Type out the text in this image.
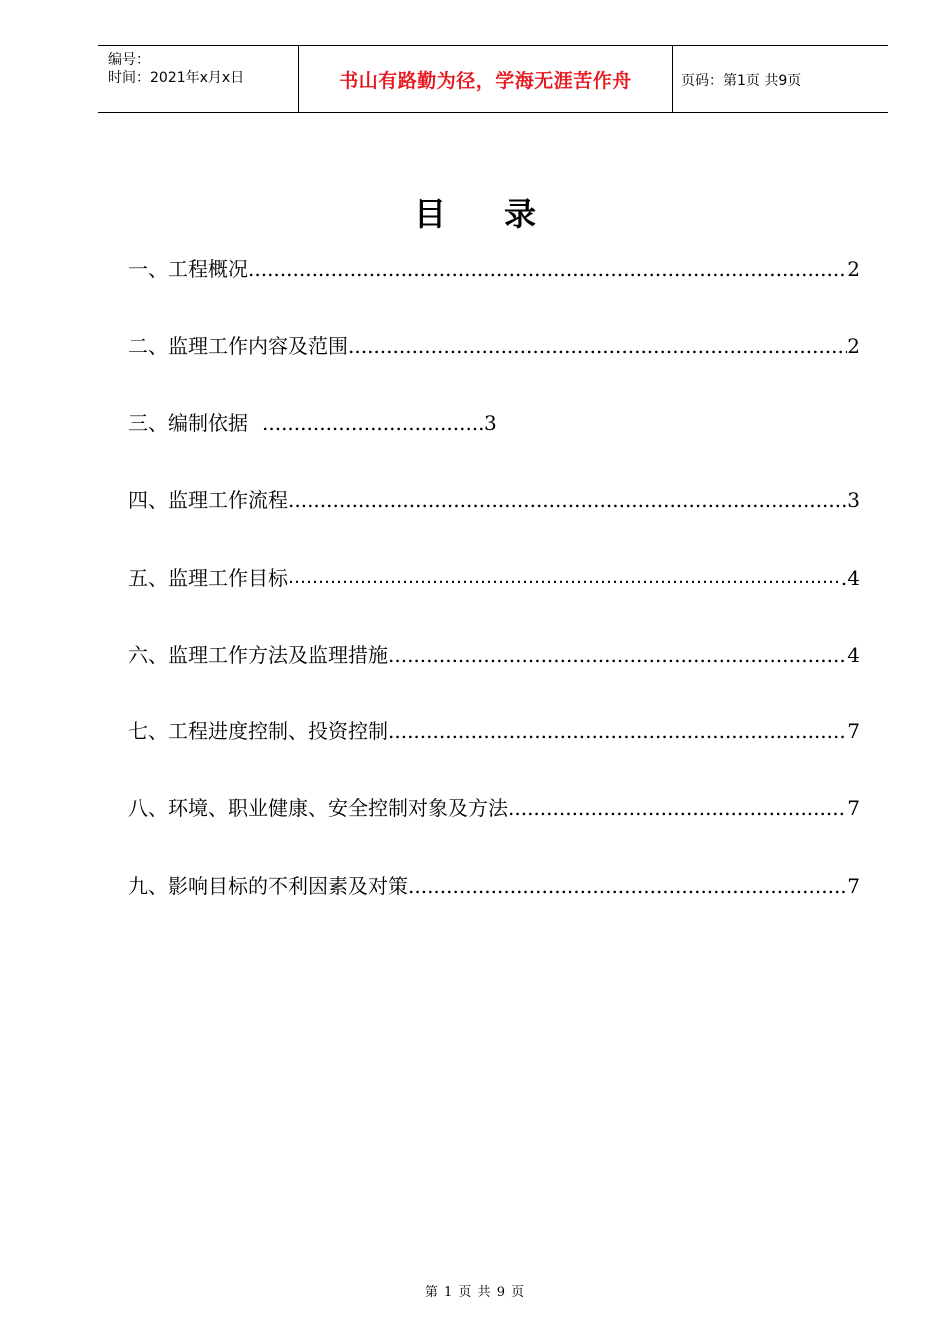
编号：
时间：2021年x月x日	书山有路勤为径，学海无涯苦作舟	页码：第1页 共9页
目 录
一、工程概况 .....	2
二、监理工作内容及范围 .....	2
三、编制依据 .....	3
四、监理工作流程 .....	3
五、监理工作目标 ……………………………………………………………………………………………………………………	.4
六、监理工作方法及监理措施 .....	4
七、工程进度控制、投资控制 .....	7
八、环境、职业健康、安全控制对象及方法 .....	7
九、影响目标的不利因素及对策 .....	7
第 1 页 共 9 页
